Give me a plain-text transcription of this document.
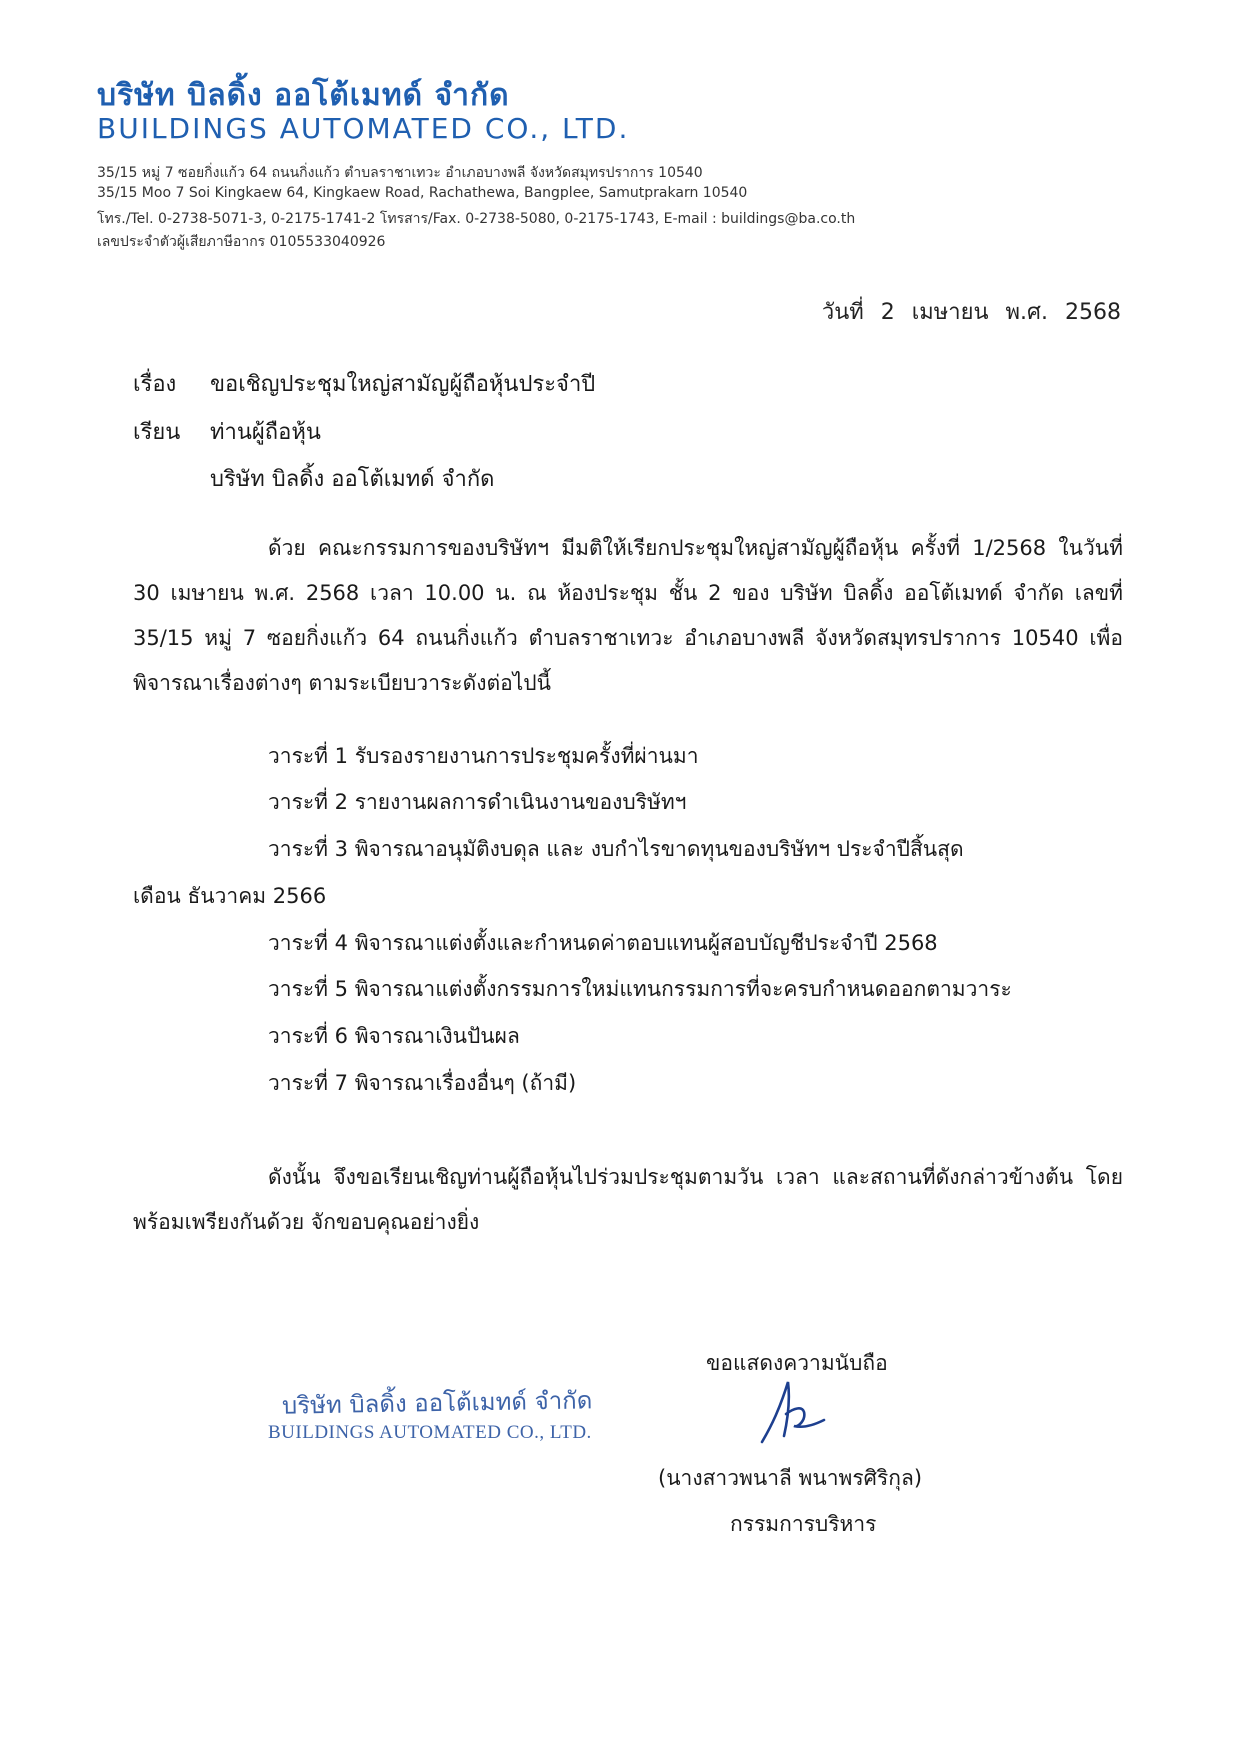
บริษัท บิลดิ้ง ออโต้เมทด์ จำกัด
BUILDINGS AUTOMATED CO., LTD.
35/15 หมู่ 7 ซอยกิ่งแก้ว 64 ถนนกิ่งแก้ว ตำบลราชาเทวะ อำเภอบางพลี จังหวัดสมุทรปราการ 10540
35/15 Moo 7 Soi Kingkaew 64, Kingkaew Road, Rachathewa, Bangplee, Samutprakarn 10540
โทร./Tel. 0-2738-5071-3, 0-2175-1741-2 โทรสาร/Fax. 0-2738-5080, 0-2175-1743, E-mail : buildings@ba.co.th
เลขประจำตัวผู้เสียภาษีอากร 0105533040926
วันที่ 2 เมษายน พ.ศ. 2568
เรื่อง ขอเชิญประชุมใหญ่สามัญผู้ถือหุ้นประจำปี
เรียน ท่านผู้ถือหุ้น
บริษัท บิลดิ้ง ออโต้เมทด์ จำกัด
ด้วย คณะกรรมการของบริษัทฯ มีมติให้เรียกประชุมใหญ่สามัญผู้ถือหุ้น ครั้งที่ 1/2568 ในวันที่ 30 เมษายน พ.ศ. 2568 เวลา 10.00 น. ณ ห้องประชุม ชั้น 2 ของ บริษัท บิลดิ้ง ออโต้เมทด์ จำกัด เลขที่ 35/15 หมู่ 7 ซอยกิ่งแก้ว 64 ถนนกิ่งแก้ว ตำบลราชาเทวะ อำเภอบางพลี จังหวัดสมุทรปราการ 10540 เพื่อพิจารณาเรื่องต่างๆ ตามระเบียบวาระดังต่อไปนี้
วาระที่ 1 รับรองรายงานการประชุมครั้งที่ผ่านมา
วาระที่ 2 รายงานผลการดำเนินงานของบริษัทฯ
วาระที่ 3 พิจารณาอนุมัติงบดุล และ งบกำไรขาดทุนของบริษัทฯ ประจำปีสิ้นสุด
เดือน ธันวาคม 2566
วาระที่ 4 พิจารณาแต่งตั้งและกำหนดค่าตอบแทนผู้สอบบัญชีประจำปี 2568
วาระที่ 5 พิจารณาแต่งตั้งกรรมการใหม่แทนกรรมการที่จะครบกำหนดออกตามวาระ
วาระที่ 6 พิจารณาเงินปันผล
วาระที่ 7 พิจารณาเรื่องอื่นๆ (ถ้ามี)
ดังนั้น จึงขอเรียนเชิญท่านผู้ถือหุ้นไปร่วมประชุมตามวัน เวลา และสถานที่ดังกล่าวข้างต้น โดยพร้อมเพรียงกันด้วย จักขอบคุณอย่างยิ่ง
ขอแสดงความนับถือ
บริษัท บิลดิ้ง ออโต้เมทด์ จำกัด
BUILDINGS AUTOMATED CO., LTD.
(นางสาวพนาลี พนาพรศิริกุล)
กรรมการบริหาร
